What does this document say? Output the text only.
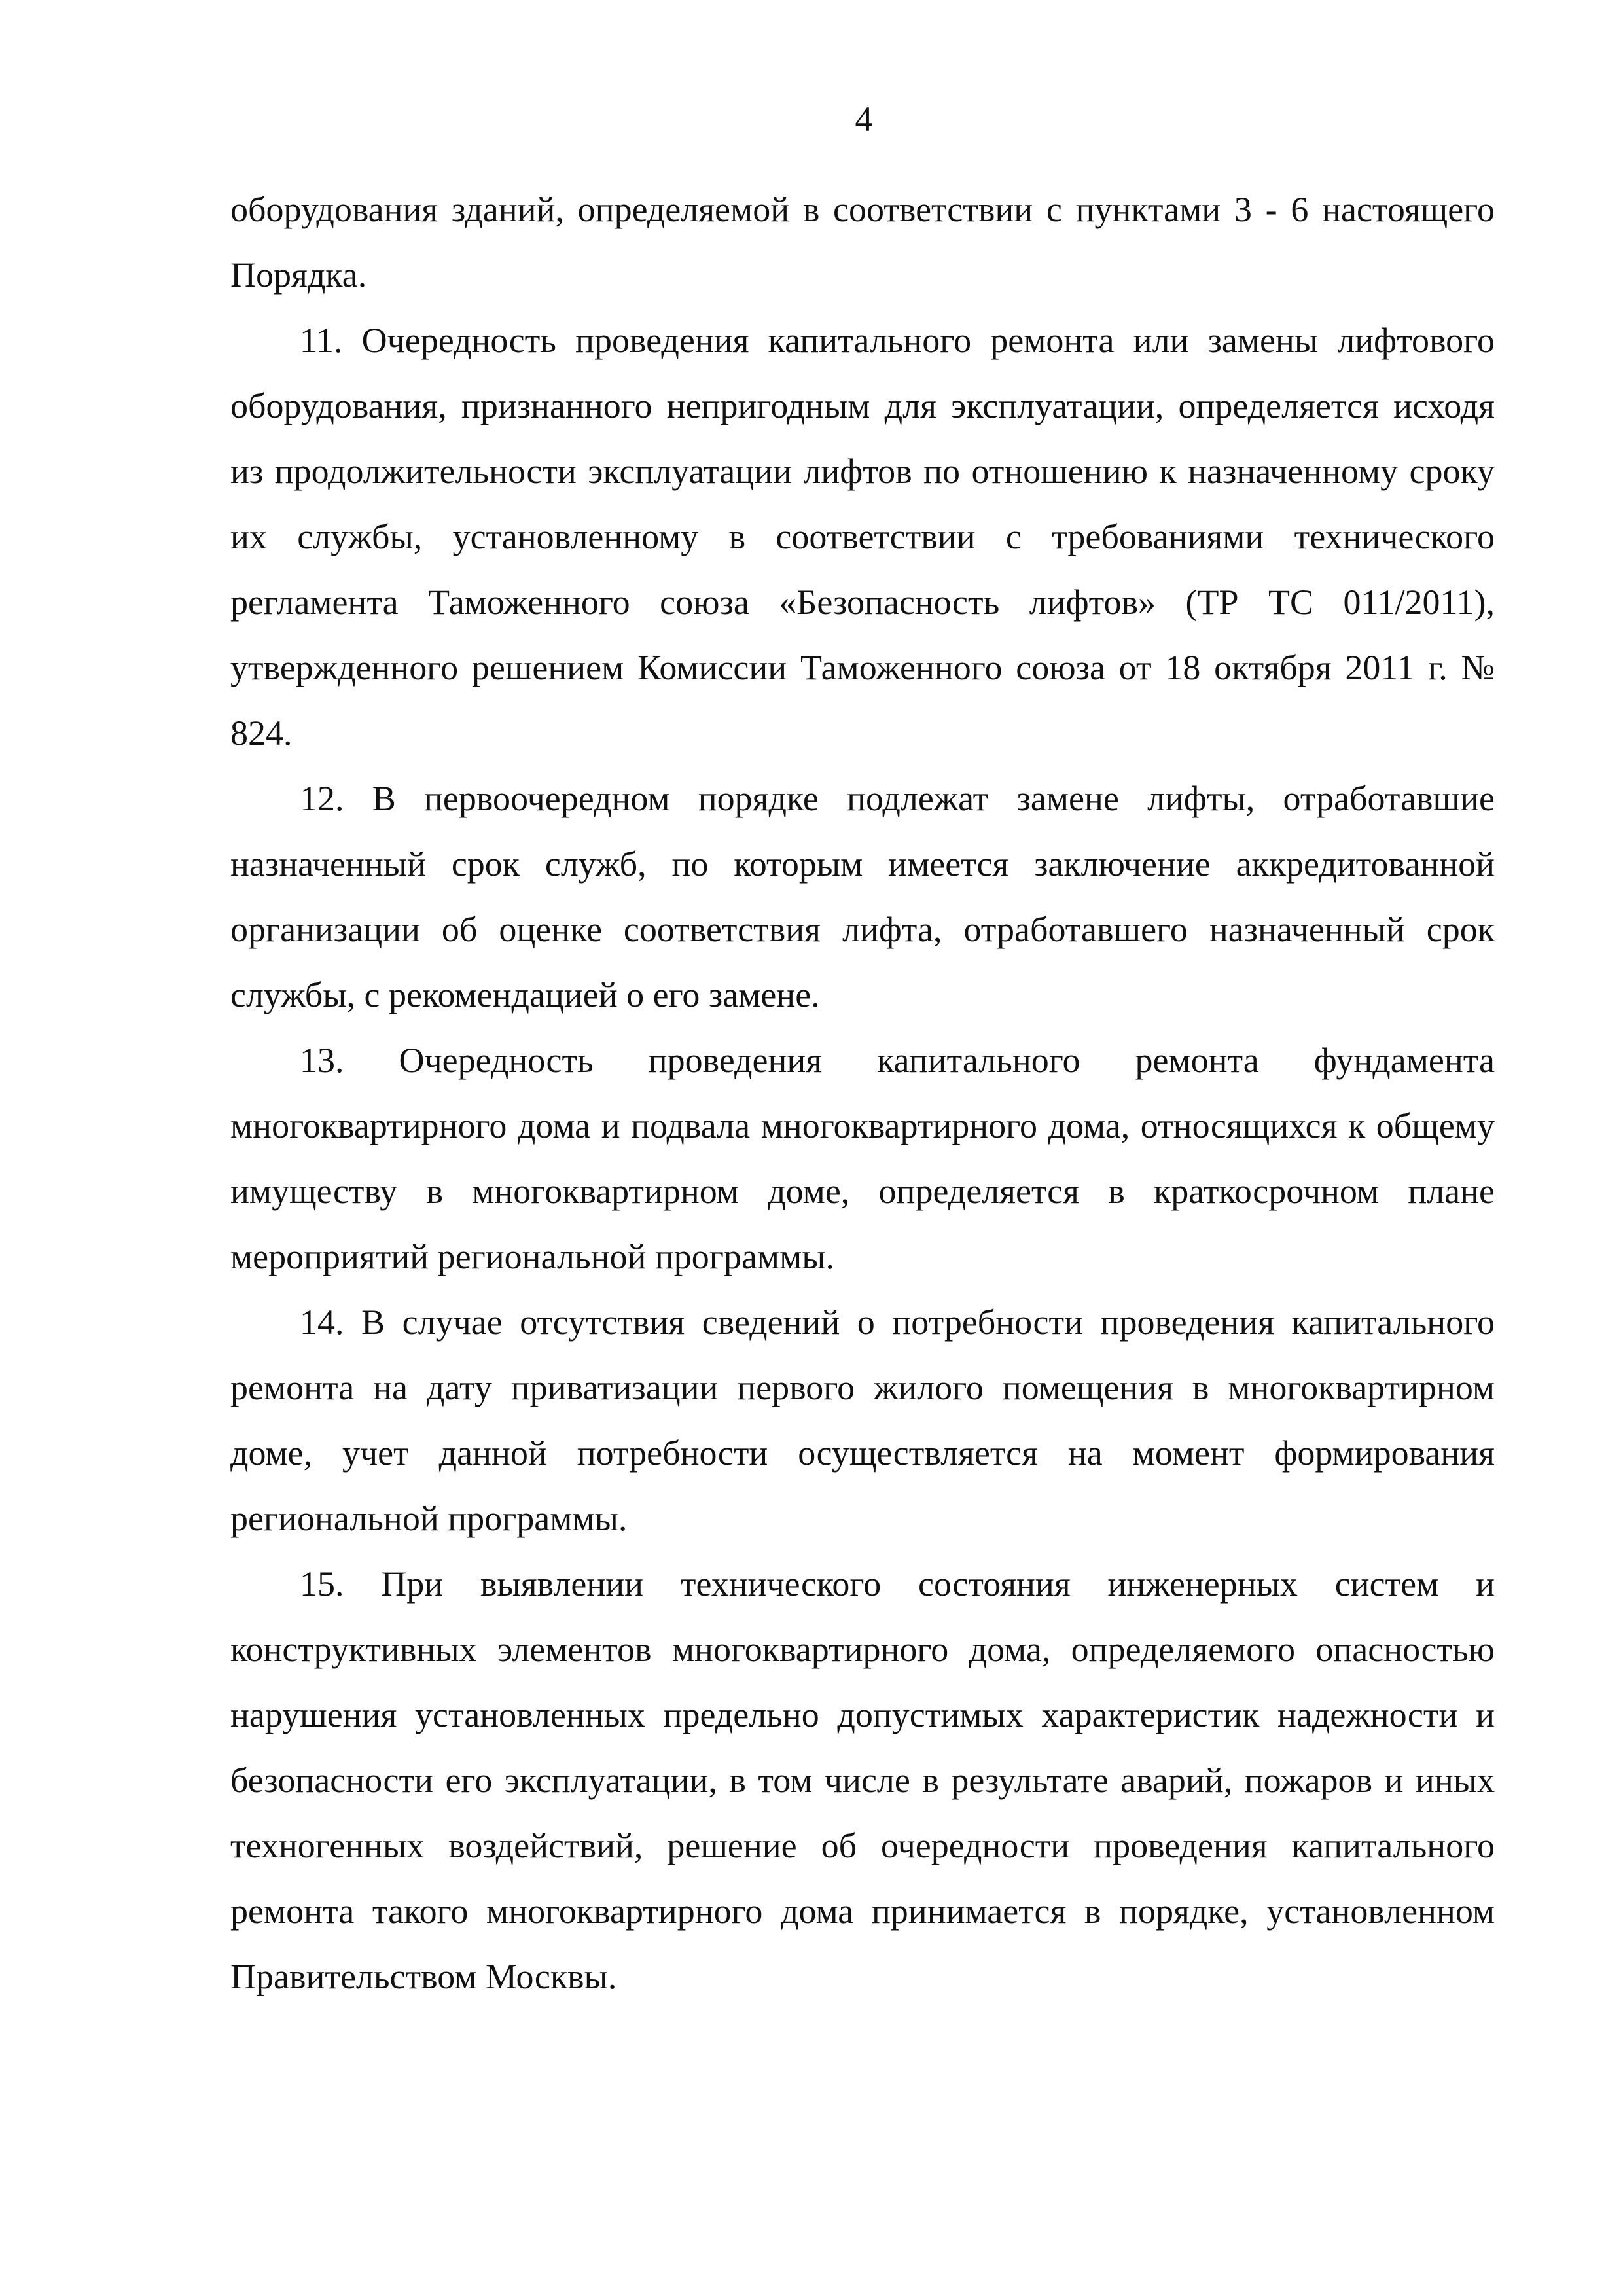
4

оборудования зданий, определяемой в соответствии с пунктами 3 - 6 настоящего Порядка.

11. Очередность проведения капитального ремонта или замены лифтового оборудования, признанного непригодным для эксплуатации, определяется исходя из продолжительности эксплуатации лифтов по отношению к назначенному сроку их службы, установленному в соответствии с требованиями технического регламента Таможенного союза «Безопасность лифтов» (ТР ТС 011/2011), утвержденного решением Комиссии Таможенного союза от 18 октября 2011 г. № 824.

12. В первоочередном порядке подлежат замене лифты, отработавшие назначенный срок служб, по которым имеется заключение аккредитованной организации об оценке соответствия лифта, отработавшего назначенный срок службы, с рекомендацией о его замене.

13. Очередность проведения капитального ремонта фундамента многоквартирного дома и подвала многоквартирного дома, относящихся к общему имуществу в многоквартирном доме, определяется в краткосрочном плане мероприятий региональной программы.

14. В случае отсутствия сведений о потребности проведения капитального ремонта на дату приватизации первого жилого помещения в многоквартирном доме, учет данной потребности осуществляется на момент формирования региональной программы.

15. При выявлении технического состояния инженерных систем и конструктивных элементов многоквартирного дома, определяемого опасностью нарушения установленных предельно допустимых характеристик надежности и безопасности его эксплуатации, в том числе в результате аварий, пожаров и иных техногенных воздействий, решение об очередности проведения капитального ремонта такого многоквартирного дома принимается в порядке, установленном Правительством Москвы.
